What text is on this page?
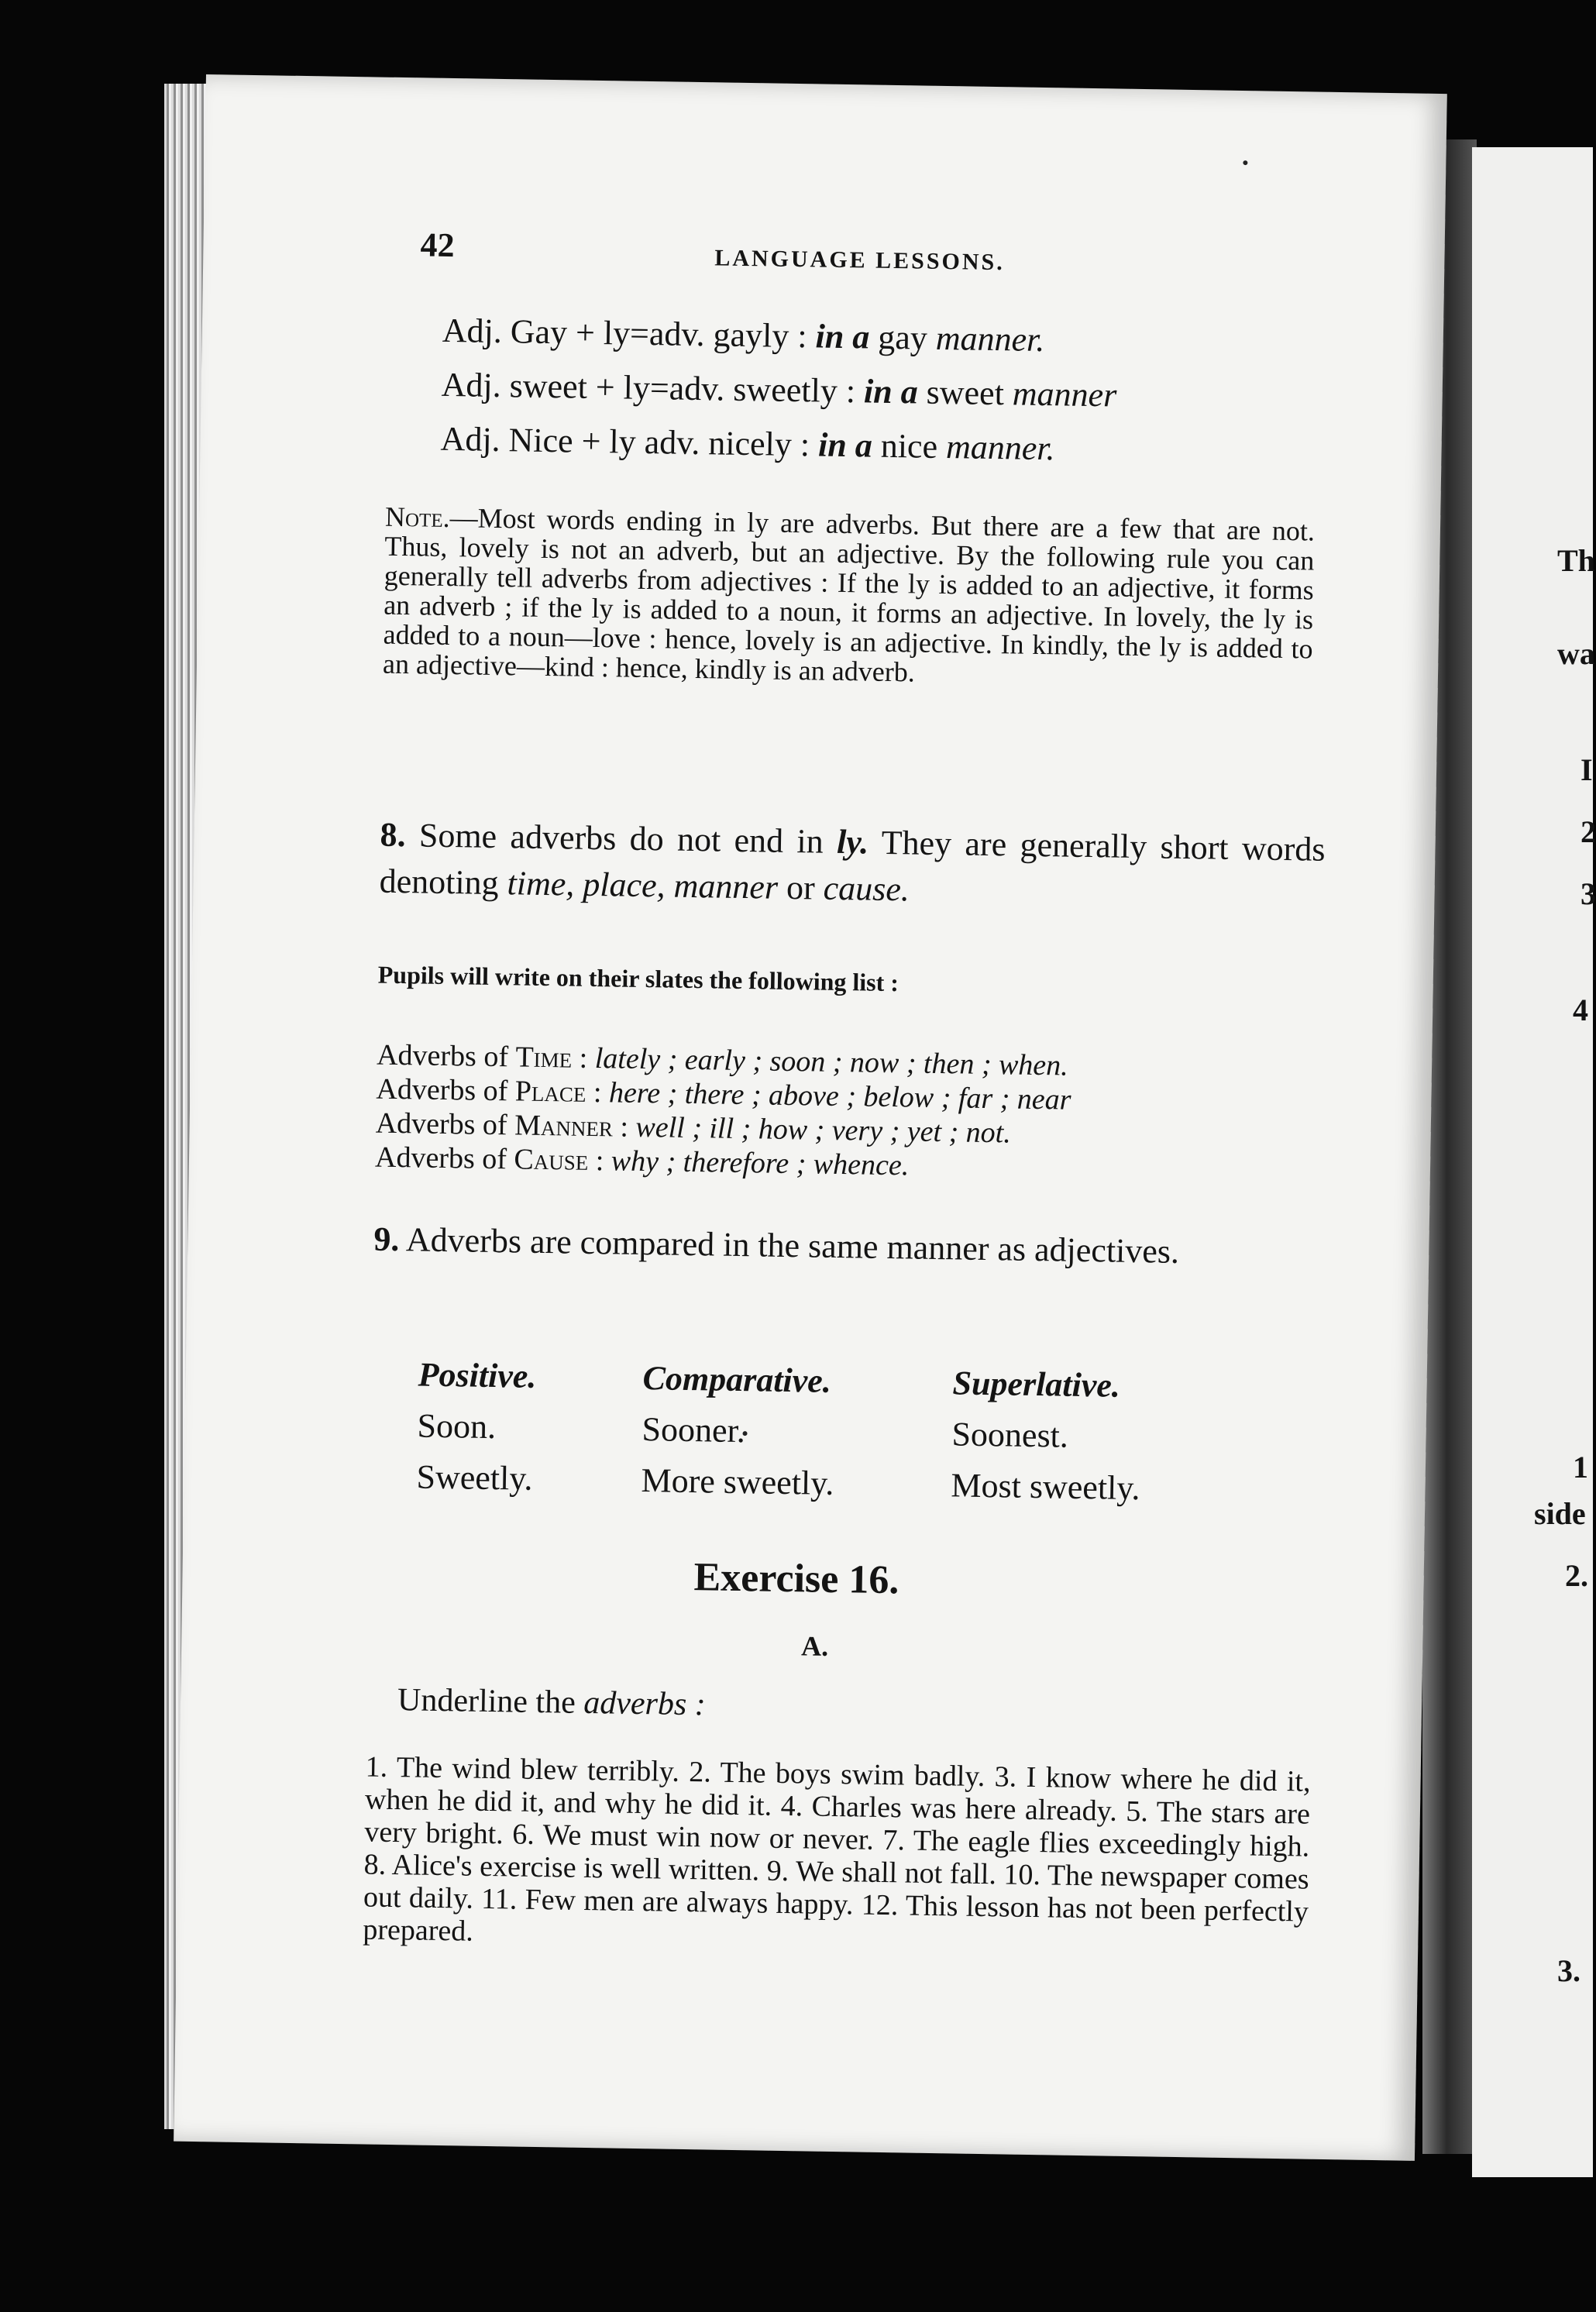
Th
wa
I
2
3
4
1
side
2.
3.
42	LANGUAGE LESSONS.
Adj. Gay + ly=adv. gayly : in a gay manner.
Adj. sweet + ly=adv. sweetly : in a sweet manner
Adj. Nice + ly adv. nicely : in a nice manner.

Note.—Most words ending in ly are adverbs. But there are a few that are not. Thus, lovely is not an adverb, but an adjective. By the following rule you can generally tell adverbs from adjectives : If the ly is added to an adjective, it forms an adverb ; if the ly is added to a noun, it forms an adjective. In lovely, the ly is added to a noun—love : hence, lovely is an adjective. In kindly, the ly is added to an adjective—kind : hence, kindly is an adverb.

8. Some adverbs do not end in ly. They are generally short words denoting time, place, manner or cause.

Pupils will write on their slates the following list :
Adverbs of Time : lately ; early ; soon ; now ; then ; when.
Adverbs of Place : here ; there ; above ; below ; far ; near
Adverbs of Manner : well ; ill ; how ; very ; yet ; not.
Adverbs of Cause : why ; therefore ; whence.

9. Adverbs are compared in the same manner as adjectives.

Positive.	Comparative.	Superlative.
Soon.	Sooner.	Soonest.
Sweetly.	More sweetly.	Most sweetly.
Exercise 16.
A.
Underline the adverbs :

1. The wind blew terribly. 2. The boys swim badly. 3. I know where he did it, when he did it, and why he did it. 4. Charles was here already. 5. The stars are very bright. 6. We must win now or never. 7. The eagle flies exceedingly high. 8. Alice's exercise is well written. 9. We shall not fall. 10. The newspaper comes out daily. 11. Few men are always happy. 12. This lesson has not been perfectly prepared.
